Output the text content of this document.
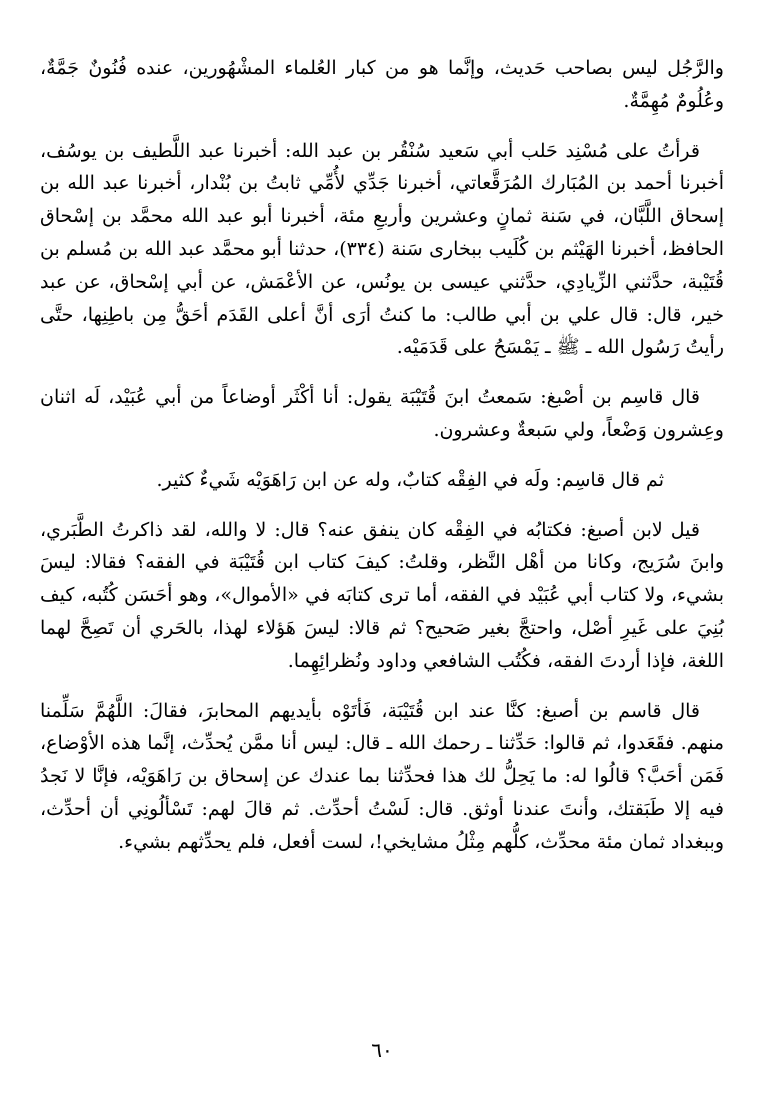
والرَّجُل ليس بصاحب حَديث، وإنَّما هو من كبار العُلماء المشْهُورين، عنده فُنُونٌ جَمَّةٌ، وعُلُومٌ مُهِمَّةٌ.

قرأتُ على مُسْنِد حَلب أبي سَعيد سُنْقُر بن عبد الله: أخبرنا عبد اللَّطيف بن يوسُف، أخبرنا أحمد بن المُبَارك المُرَقَّعاتي، أخبرنا جَدِّي لأُمِّي ثابتُ بن بُنْدار، أخبرنا عبد الله بن إسحاق اللَّبَّان، في سَنة ثمانٍ وعشرين وأربعِ مئة، أخبرنا أبو عبد الله محمَّد بن إسْحاق الحافظ، أخبرنا الهَيْثم بن كُلَيب ببخارى سَنة (٣٣٤)، حدثنا أبو محمَّد عبد الله بن مُسلم بن قُتَيْبة، حدَّثني الزِّيادِي، حدَّثني عيسى بن يونُس، عن الأعْمَش، عن أبي إسْحاق، عن عبد خير، قال: قال علي بن أبي طالب: ما كنتُ أرَى أنَّ أعلى القَدَم أحَقُّ مِن باطِنِها، حتَّى رأيتُ رَسُول الله ـ ﷺ ـ يَمْسَحُ على قَدَمَيْه.

قال قاسِم بن أصْبغ: سَمعتُ ابنَ قُتَيْبَة يقول: أنا أكْثَر أوضاعاً من أبي عُبَيْد، لَه اثنان وعِشرون وَضْعاً، ولي سَبعةٌ وعشرون.

ثم قال قاسِم: ولَه في الفِقْه كتابٌ، وله عن ابن رَاهَوَيْه شَيءٌ كثير.

قيل لابن أصبغ: فكتابُه في الفِقْه كان ينفق عنه؟ قال: لا والله، لقد ذاكرتُ الطَّبَري، وابنَ سُرَيج، وكانا من أهْل النَّظر، وقلتُ: كيفَ كتاب ابن قُتَيْبَة في الفقه؟ فقالا: ليسَ بشيء، ولا كتاب أبي عُبَيْد في الفقه، أما ترى كتابَه في «الأموال»، وهو أحَسَن كُتُبه، كيف بُنِيَ على غَيرِ أصْل، واحتجَّ بغير صَحيح؟ ثم قالا: ليسَ هَؤلاء لهذا، بالحَري أن تَصِحَّ لهما اللغة، فإذا أردتَ الفقه، فكُتُب الشافعي وداود ونُظرائِهِما.

قال قاسم بن أصبغ: كنَّا عند ابن قُتَيْبَة، فَأتَوْه بأيديهم المحابرَ، فقالَ: اللَّهُمَّ سَلِّمنا منهم. فقَعَدوا، ثم قالوا: حَدِّثنا ـ رحمك الله ـ قال: ليس أنا ممَّن يُحدِّث، إنَّما هذه الأوْضاع، فَمَن أحَبَّ؟ قالُوا له: ما يَحِلُّ لك هذا فحدِّثنا بما عندك عن إسحاق بن رَاهَوَيْه، فإنَّا لا نَجدُ فيه إلا طَبَقتك، وأنتَ عندنا أوثق. قال: لَسْتُ أحدِّث. ثم قالَ لهم: تَسْألُونِي أن أحدِّث، وببغداد ثمان مئة محدِّث، كلُّهم مِثْلُ مشايخي!، لست أفعل، فلم يحدِّثهم بشيء.

٦٠
